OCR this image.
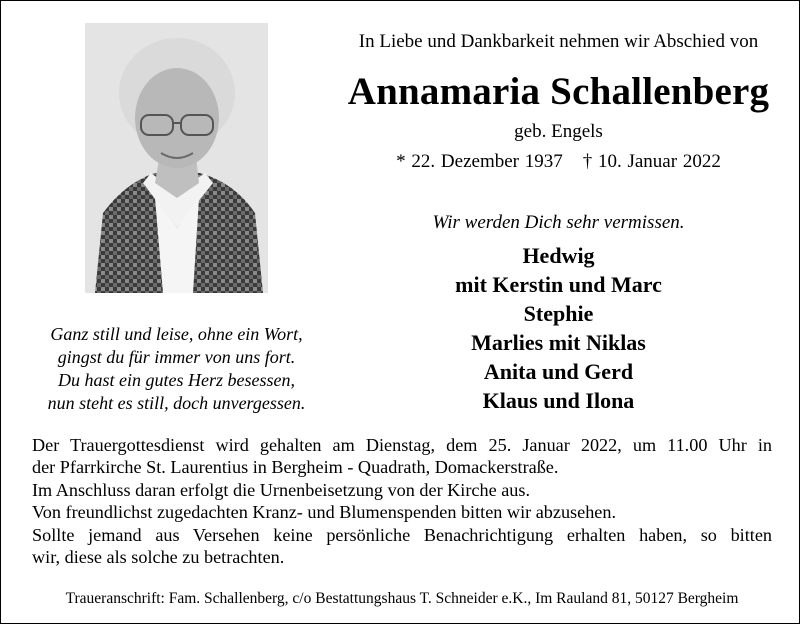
In Liebe und Dankbarkeit nehmen wir Abschied von
Annamaria Schallenberg
geb. Engels
* 22. Dezember 1937 † 10. Januar 2022
Wir werden Dich sehr vermissen.
Hedwig
mit Kerstin und Marc
Stephie
Marlies mit Niklas
Anita und Gerd
Klaus und Ilona
Ganz still und leise, ohne ein Wort,
gingst du für immer von uns fort.
Du hast ein gutes Herz besessen,
nun steht es still, doch unvergessen.
Der Trauergottesdienst wird gehalten am Dienstag, dem 25. Januar 2022, um 11.00 Uhr in
der Pfarrkirche St. Laurentius in Bergheim - Quadrath, Domackerstraße.
Im Anschluss daran erfolgt die Urnenbeisetzung von der Kirche aus.
Von freundlichst zugedachten Kranz- und Blumenspenden bitten wir abzusehen.
Sollte jemand aus Versehen keine persönliche Benachrichtigung erhalten haben, so bitten
wir, diese als solche zu betrachten.
Traueranschrift: Fam. Schallenberg, c/o Bestattungshaus T. Schneider e.K., Im Rauland 81, 50127 Bergheim
